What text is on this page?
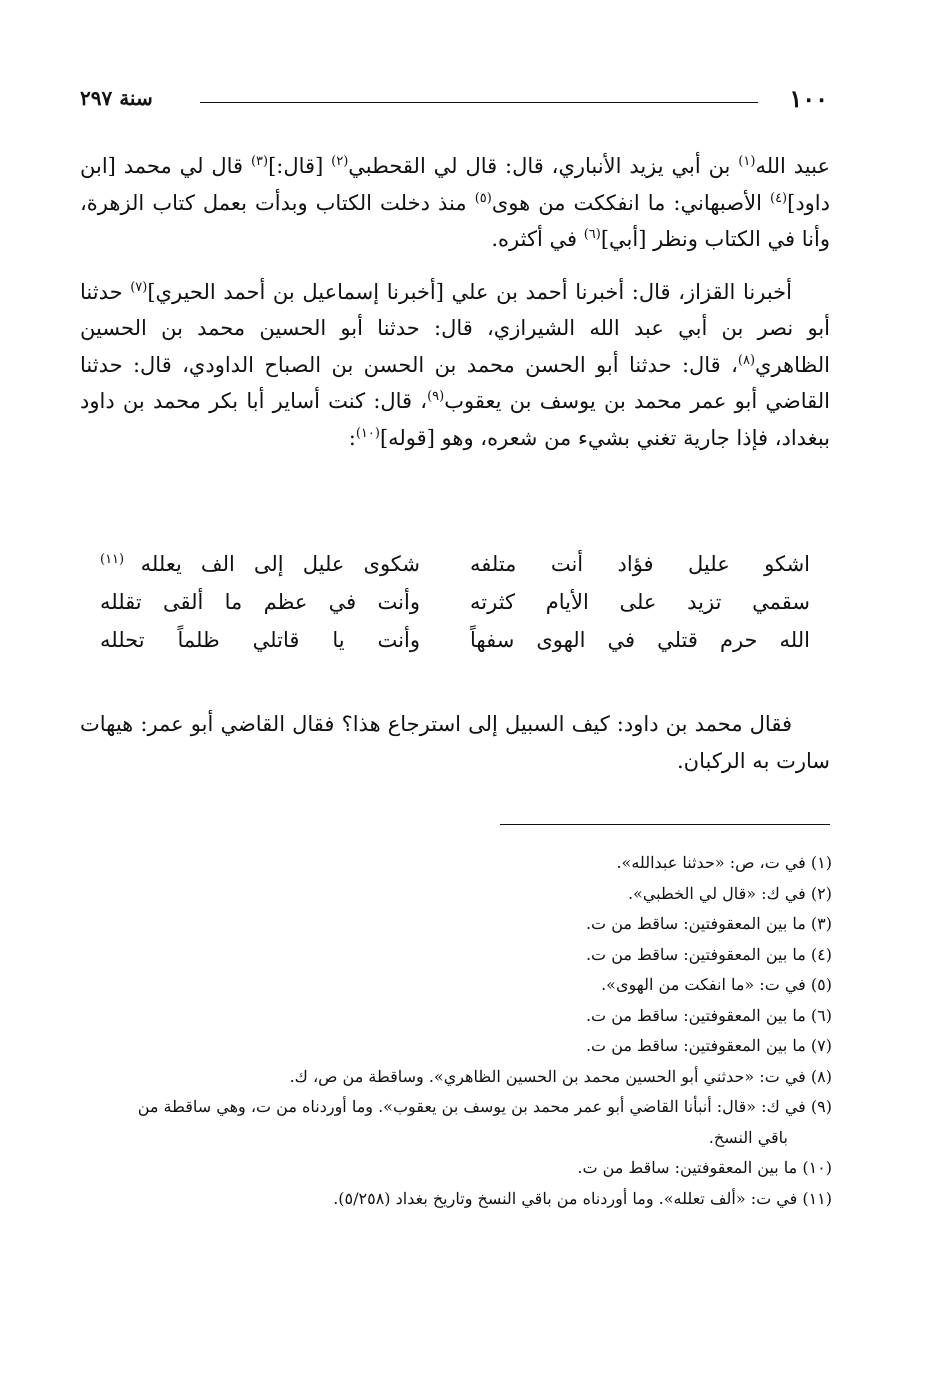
١٠٠
سنة ٢٩٧

عبيد الله$^{(١)}$ بن أبي يزيد الأنباري، قال: قال لي القحطبي$^{(٢)}$ [قال:]$^{(٣)}$ قال لي محمد [ابن داود]$^{(٤)}$ الأصبهاني: ما انفككت من هوى$^{(٥)}$ منذ دخلت الكتاب وبدأت بعمل كتاب الزهرة، وأنا في الكتاب ونظر [أبي]$^{(٦)}$ في أكثره.

أخبرنا القزاز، قال: أخبرنا أحمد بن علي [أخبرنا إسماعيل بن أحمد الحيري]$^{(٧)}$ حدثنا أبو نصر بن أبي عبد الله الشيرازي، قال: حدثنا أبو الحسين محمد بن الحسين الظاهري$^{(٨)}$، قال: حدثنا أبو الحسن محمد بن الحسن بن الصباح الداودي، قال: حدثنا القاضي أبو عمر محمد بن يوسف بن يعقوب$^{(٩)}$، قال: كنت أساير أبا بكر محمد بن داود ببغداد، فإذا جارية تغني بشيء من شعره، وهو [قوله]$^{(١٠)}$:

اشكو عليل فؤاد أنت متلفه
شكوى عليل إلى الف يعلله $^{(١١)}$
سقمي تزيد على الأيام كثرته
وأنت في عظم ما ألقى تقلله
الله حرم قتلي في الهوى سفهاً
وأنت يا قاتلي ظلماً تحلله

فقال محمد بن داود: كيف السبيل إلى استرجاع هذا؟ فقال القاضي أبو عمر: هيهات سارت به الركبان.

(١) في ت، ص: «حدثنا عبدالله».

(٢) في ك: «قال لي الخطبي».

(٣) ما بين المعقوفتين: ساقط من ت.

(٤) ما بين المعقوفتين: ساقط من ت.

(٥) في ت: «ما انفكت من الهوى».

(٦) ما بين المعقوفتين: ساقط من ت.

(٧) ما بين المعقوفتين: ساقط من ت.

(٨) في ت: «حدثني أبو الحسين محمد بن الحسين الظاهري». وساقطة من ص، ك.

(٩) في ك: «قال: أنبأنا القاضي أبو عمر محمد بن يوسف بن يعقوب». وما أوردناه من ت، وهي ساقطة من

باقي النسخ.

(١٠) ما بين المعقوفتين: ساقط من ت.

(١١) في ت: «ألف تعلله». وما أوردناه من باقي النسخ وتاريخ بغداد (٥/٢٥٨).
